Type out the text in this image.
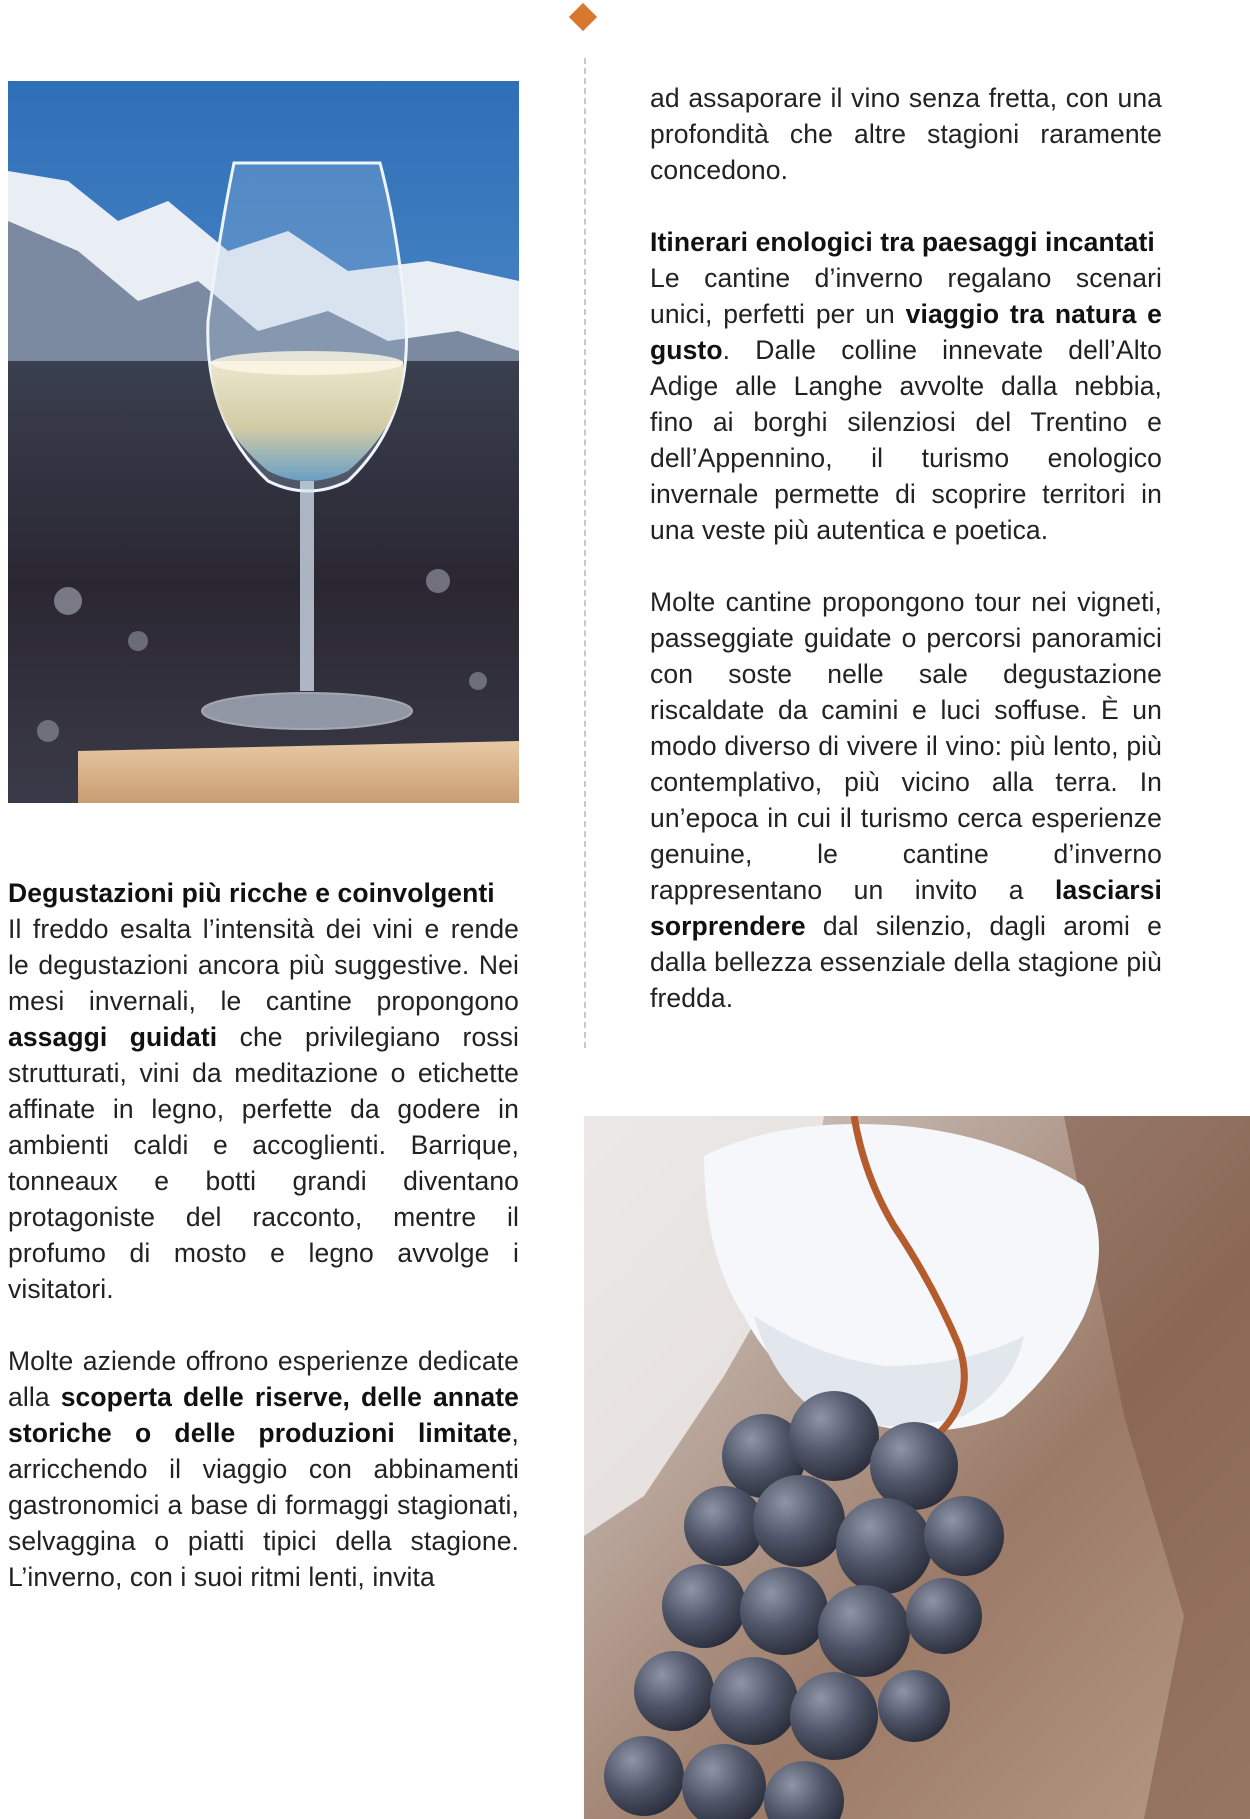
Degustazioni più ricche e coinvolgenti
Il freddo esalta l’intensità dei vini e rende le degustazioni ancora più suggestive. Nei mesi invernali, le cantine propongono assaggi guidati che privilegiano rossi strutturati, vini da meditazione o etichette affinate in legno, perfette da godere in ambienti caldi e accoglienti. Barrique, tonneaux e botti grandi diventano protagoniste del racconto, mentre il profumo di mosto e legno avvolge i visitatori.

Molte aziende offrono esperienze dedicate alla scoperta delle riserve, delle annate storiche o delle produzioni limitate, arricchendo il viaggio con abbinamenti gastronomici a base di formaggi stagionati, selvaggina o piatti tipici della stagione. L’inverno, con i suoi ritmi lenti, invita

ad assaporare il vino senza fretta, con una profondità che altre stagioni raramente concedono.

Itinerari enologici tra paesaggi incantati
Le cantine d’inverno regalano scenari unici, perfetti per un viaggio tra natura e gusto. Dalle colline innevate dell’Alto Adige alle Langhe avvolte dalla nebbia, fino ai borghi silenziosi del Trentino e dell’Appennino, il turismo enologico invernale permette di scoprire territori in una veste più autentica e poetica.

Molte cantine propongono tour nei vigneti, passeggiate guidate o percorsi panoramici con soste nelle sale degustazione riscaldate da camini e luci soffuse. È un modo diverso di vivere il vino: più lento, più contemplativo, più vicino alla terra. In un’epoca in cui il turismo cerca esperienze genuine, le cantine d’inverno rappresentano un invito a lasciarsi sorprendere dal silenzio, dagli aromi e dalla bellezza essenziale della stagione più fredda.
